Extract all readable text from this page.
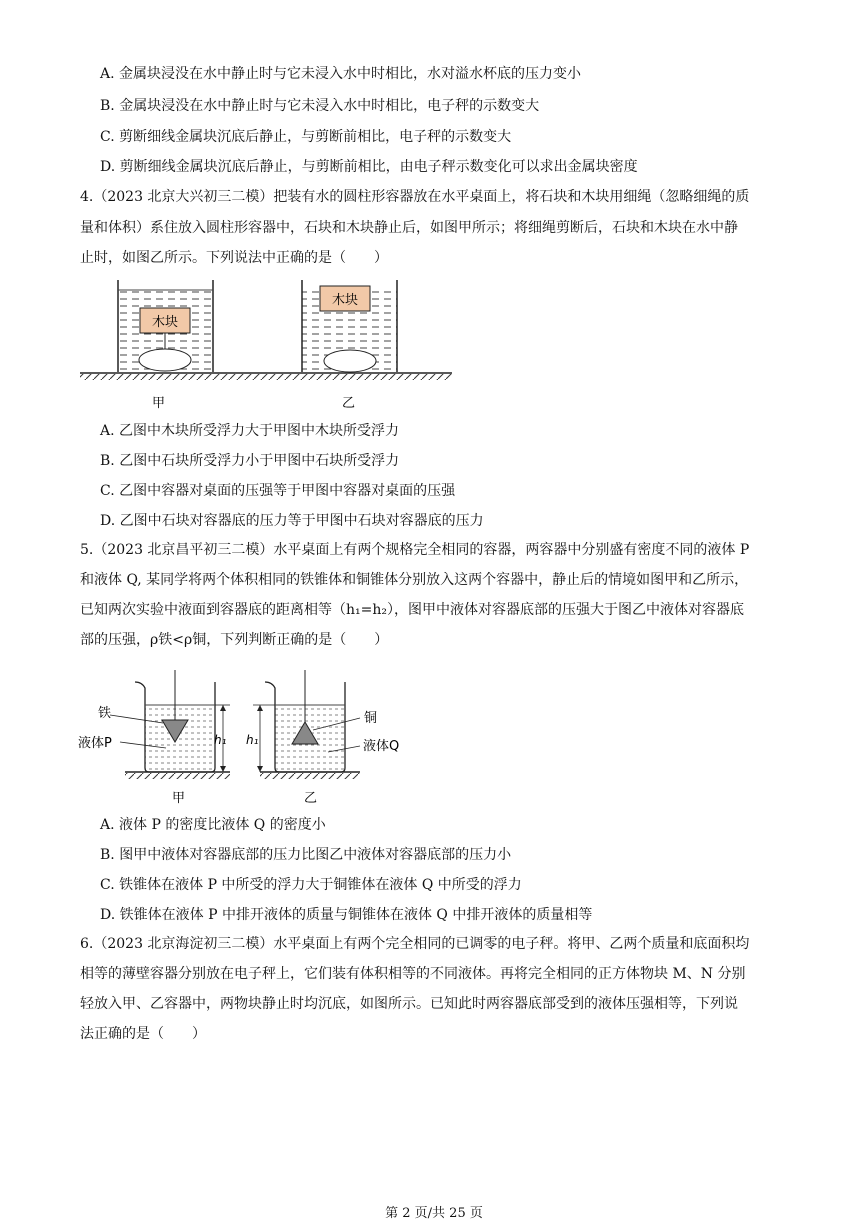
A. 金属块浸没在水中静止时与它未浸入水中时相比，水对溢水杯底的压力变小
B. 金属块浸没在水中静止时与它未浸入水中时相比，电子秤的示数变大
C. 剪断细线金属块沉底后静止，与剪断前相比，电子秤的示数变大
D. 剪断细线金属块沉底后静止，与剪断前相比，由电子秤示数变化可以求出金属块密度
4.（2023 北京大兴初三二模）把装有水的圆柱形容器放在水平桌面上，将石块和木块用细绳（忽略细绳的质
量和体积）系住放入圆柱形容器中，石块和木块静止后，如图甲所示；将细绳剪断后，石块和木块在水中静
止时，如图乙所示。下列说法中正确的是（　　）
木块
木块
甲	乙
A. 乙图中木块所受浮力大于甲图中木块所受浮力
B. 乙图中石块所受浮力小于甲图中石块所受浮力
C. 乙图中容器对桌面的压强等于甲图中容器对桌面的压强
D. 乙图中石块对容器底的压力等于甲图中石块对容器底的压力
5.（2023 北京昌平初三二模）水平桌面上有两个规格完全相同的容器，两容器中分别盛有密度不同的液体 P
和液体 Q, 某同学将两个体积相同的铁锥体和铜锥体分别放入这两个容器中，静止后的情境如图甲和乙所示，
已知两次实验中液面到容器底的距离相等（h₁=h₂），图甲中液体对容器底部的压强大于图乙中液体对容器底
部的压强，ρ铁<ρ铜，下列判断正确的是（　　）
铁
液体P	h₁ h₁
铜
液体Q
甲	乙
A. 液体 P 的密度比液体 Q 的密度小
B. 图甲中液体对容器底部的压力比图乙中液体对容器底部的压力小
C. 铁锥体在液体 P 中所受的浮力大于铜锥体在液体 Q 中所受的浮力
D. 铁锥体在液体 P 中排开液体的质量与铜锥体在液体 Q 中排开液体的质量相等
6.（2023 北京海淀初三二模）水平桌面上有两个完全相同的已调零的电子秤。将甲、乙两个质量和底面积均
相等的薄壁容器分别放在电子秤上，它们装有体积相等的不同液体。再将完全相同的正方体物块 M、N 分别
轻放入甲、乙容器中，两物块静止时均沉底，如图所示。已知此时两容器底部受到的液体压强相等，下列说
法正确的是（　　）
第 2 页/共 25 页
